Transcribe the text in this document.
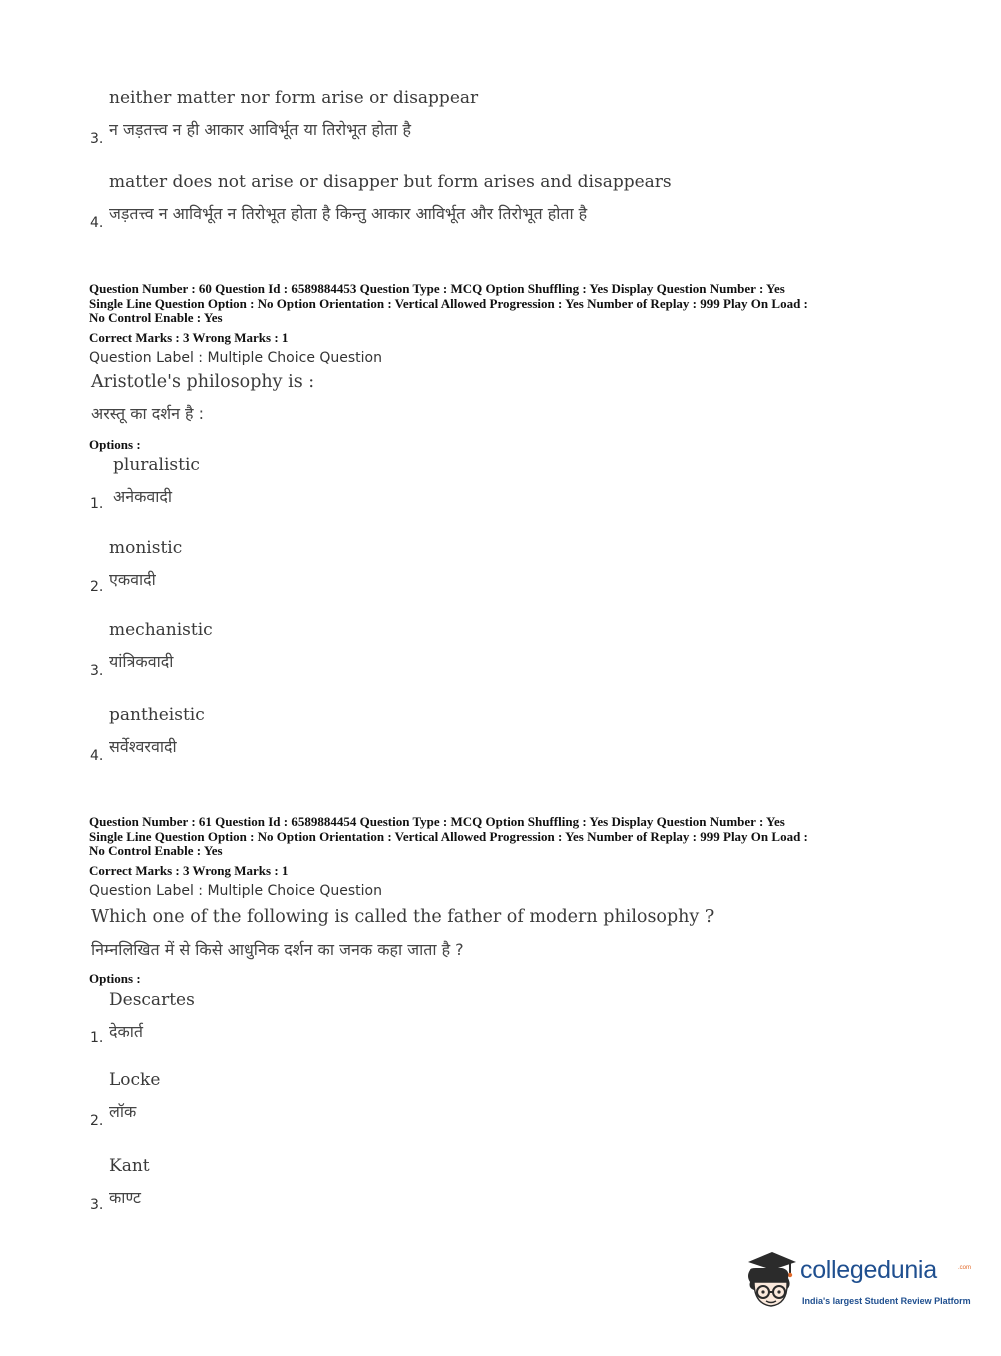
neither matter nor form arise or disappear
न जड़तत्त्व न ही आकार आविर्भूत या तिरोभूत होता है
3.
matter does not arise or disapper but form arises and disappears
जड़तत्त्व न आविर्भूत न तिरोभूत होता है किन्तु आकार आविर्भूत और तिरोभूत होता है
4.
Question Number : 60 Question Id : 6589884453 Question Type : MCQ Option Shuffling : Yes Display Question Number : Yes
Single Line Question Option : No Option Orientation : Vertical Allowed Progression : Yes Number of Replay : 999 Play On Load :
No Control Enable : Yes
Correct Marks : 3 Wrong Marks : 1
Question Label : Multiple Choice Question
Aristotle's philosophy is :
अरस्तू का दर्शन है :
Options :
pluralistic
अनेकवादी
1.
monistic
एकवादी
2.
mechanistic
यांत्रिकवादी
3.
pantheistic
सर्वेश्वरवादी
4.
Question Number : 61 Question Id : 6589884454 Question Type : MCQ Option Shuffling : Yes Display Question Number : Yes
Single Line Question Option : No Option Orientation : Vertical Allowed Progression : Yes Number of Replay : 999 Play On Load :
No Control Enable : Yes
Correct Marks : 3 Wrong Marks : 1
Question Label : Multiple Choice Question
Which one of the following is called the father of modern philosophy ?
निम्नलिखित में से किसे आधुनिक दर्शन का जनक कहा जाता है ?
Options :
Descartes
देकार्त
1.
Locke
लॉक
2.
Kant
काण्ट
3.
collegedunia	.com
India's largest Student Review Platform
